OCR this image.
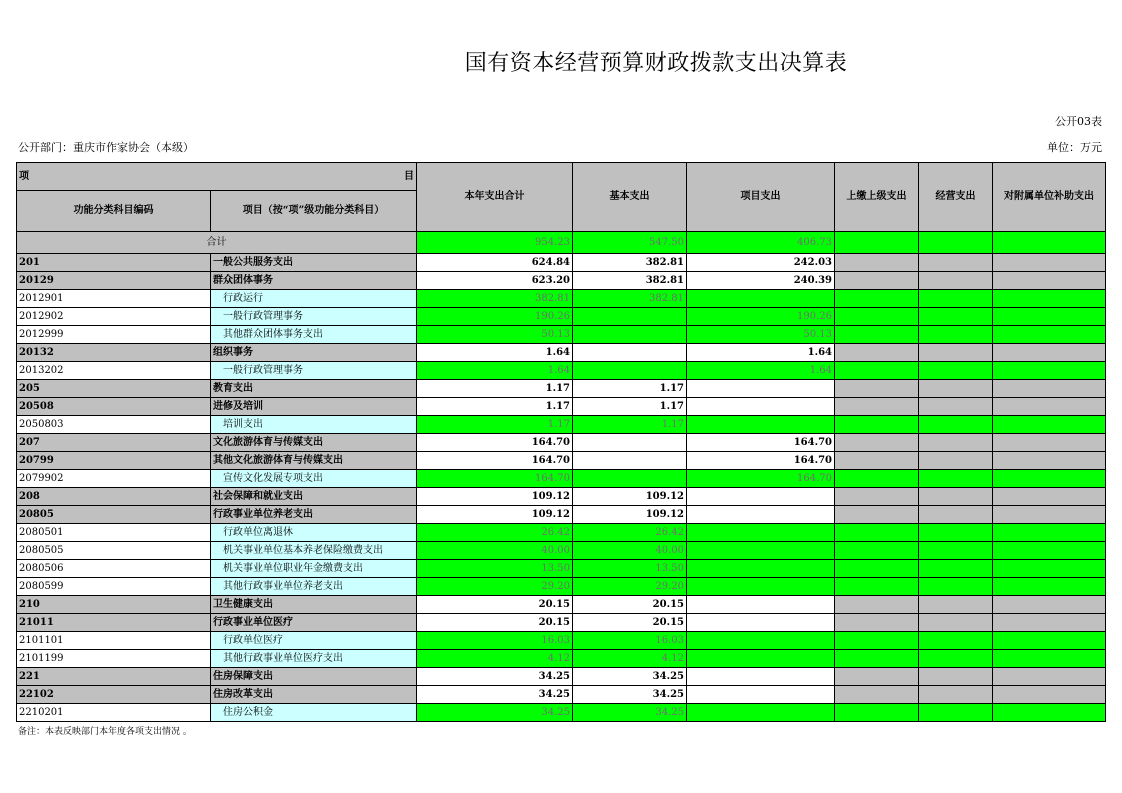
国有资本经营预算财政拨款支出决算表
公开03表
公开部门：重庆市作家协会（本级）	单位：万元
项 目		本年支出合计	基本支出	项目支出	上缴上级支出	经营支出	对附属单位补助支出
功能分类科目编码	项目（按“项”级功能分类科目）						
合计		954.23	547.50	406.73			
201	一般公共服务支出	624.84	382.81	242.03			
20129	群众团体事务	623.20	382.81	240.39			
2012901	行政运行	382.81	382.81				
2012902	一般行政管理事务	190.26		190.26			
2012999	其他群众团体事务支出	50.13		50.13			
20132	组织事务	1.64		1.64			
2013202	一般行政管理事务	1.64		1.64			
205	教育支出	1.17	1.17				
20508	进修及培训	1.17	1.17				
2050803	培训支出	1.17	1.17				
207	文化旅游体育与传媒支出	164.70		164.70			
20799	其他文化旅游体育与传媒支出	164.70		164.70			
2079902	宣传文化发展专项支出	164.70		164.70			
208	社会保障和就业支出	109.12	109.12				
20805	行政事业单位养老支出	109.12	109.12				
2080501	行政单位离退休	26.42	26.42				
2080505	机关事业单位基本养老保险缴费支出	40.00	40.00				
2080506	机关事业单位职业年金缴费支出	13.50	13.50				
2080599	其他行政事业单位养老支出	29.20	29.20				
210	卫生健康支出	20.15	20.15				
21011	行政事业单位医疗	20.15	20.15				
2101101	行政单位医疗	16.03	16.03				
2101199	其他行政事业单位医疗支出	4.12	4.12				
221	住房保障支出	34.25	34.25				
22102	住房改革支出	34.25	34.25				
2210201	住房公积金	34.25	34.25				
备注：本表反映部门本年度各项支出情况 。
